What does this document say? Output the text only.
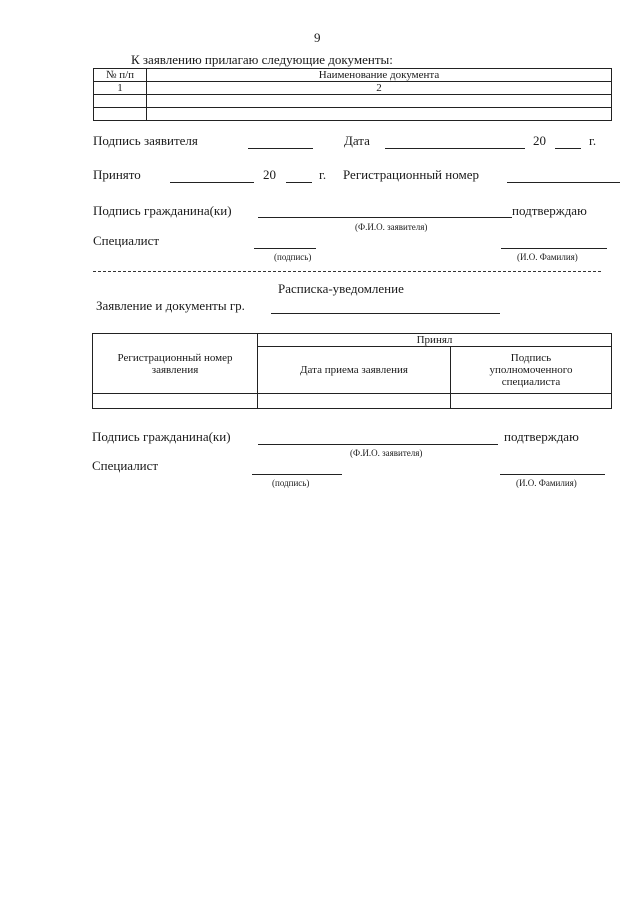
9
К заявлению прилагаю следующие документы:
№ п/п	Наименование документа
1	2

Подпись заявителя	Дата	20	г.
Принято	20	г. Регистрационный номер
Подпись гражданина(ки)	подтверждаю
(Ф.И.О. заявителя)
Специалист
(подпись)	(И.О. Фамилия)
Расписка-уведомление
Заявление и документы гр.
Регистрационный номер заявления	Принял	
	Дата приема заявления	Подпись уполномоченного специалиста

Подпись гражданина(ки)	подтверждаю
(Ф.И.О. заявителя)
Специалист
(подпись)	(И.О. Фамилия)
